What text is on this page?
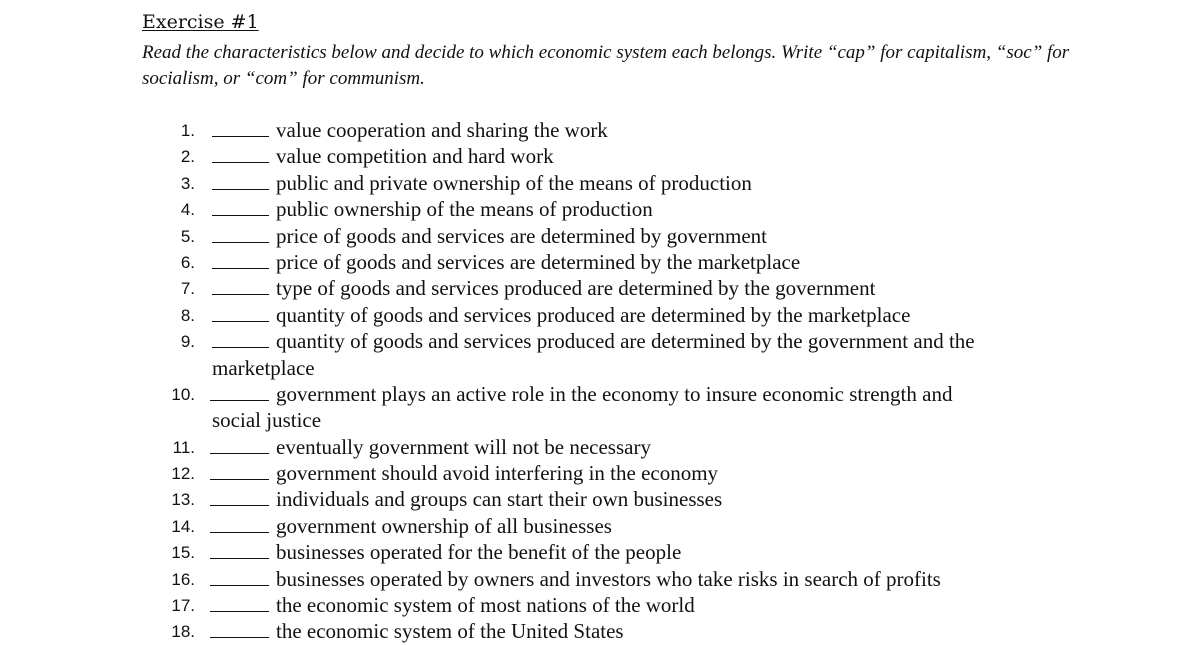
Exercise #1
Read the characteristics below and decide to which economic system each belongs. Write “cap” for capitalism, “soc” for socialism, or “com” for communism.
1.	value cooperation and sharing the work
2.	value competition and hard work
3.	public and private ownership of the means of production
4.	public ownership of the means of production
5.	price of goods and services are determined by government
6.	price of goods and services are determined by the marketplace
7.	type of goods and services produced are determined by the government
8.	quantity of goods and services produced are determined by the marketplace
9.	quantity of goods and services produced are determined by the government and the
marketplace
10.	government plays an active role in the economy to insure economic strength and
social justice
11.	eventually government will not be necessary
12.	government should avoid interfering in the economy
13.	individuals and groups can start their own businesses
14.	government ownership of all businesses
15.	businesses operated for the benefit of the people
16.	businesses operated by owners and investors who take risks in search of profits
17.	the economic system of most nations of the world
18.	the economic system of the United States
